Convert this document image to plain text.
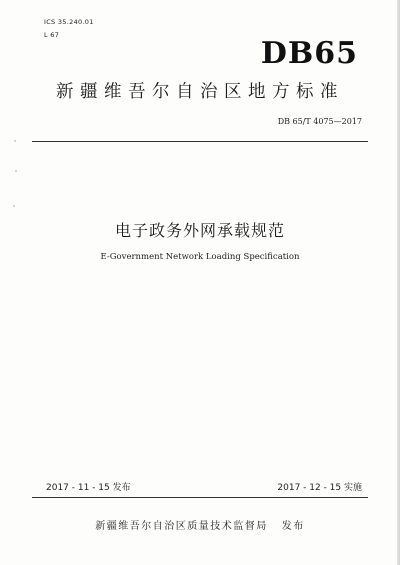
ICS 35.240.01
L 67
DB65
新疆维吾尔自治区地方标准
DB 65/T 4075—2017
电子政务外网承载规范
E-Government Network Loading Specification
2017 - 11 - 15 发布	2017 - 12 - 15 实施
新疆维吾尔自治区质量技术监督局 发布
